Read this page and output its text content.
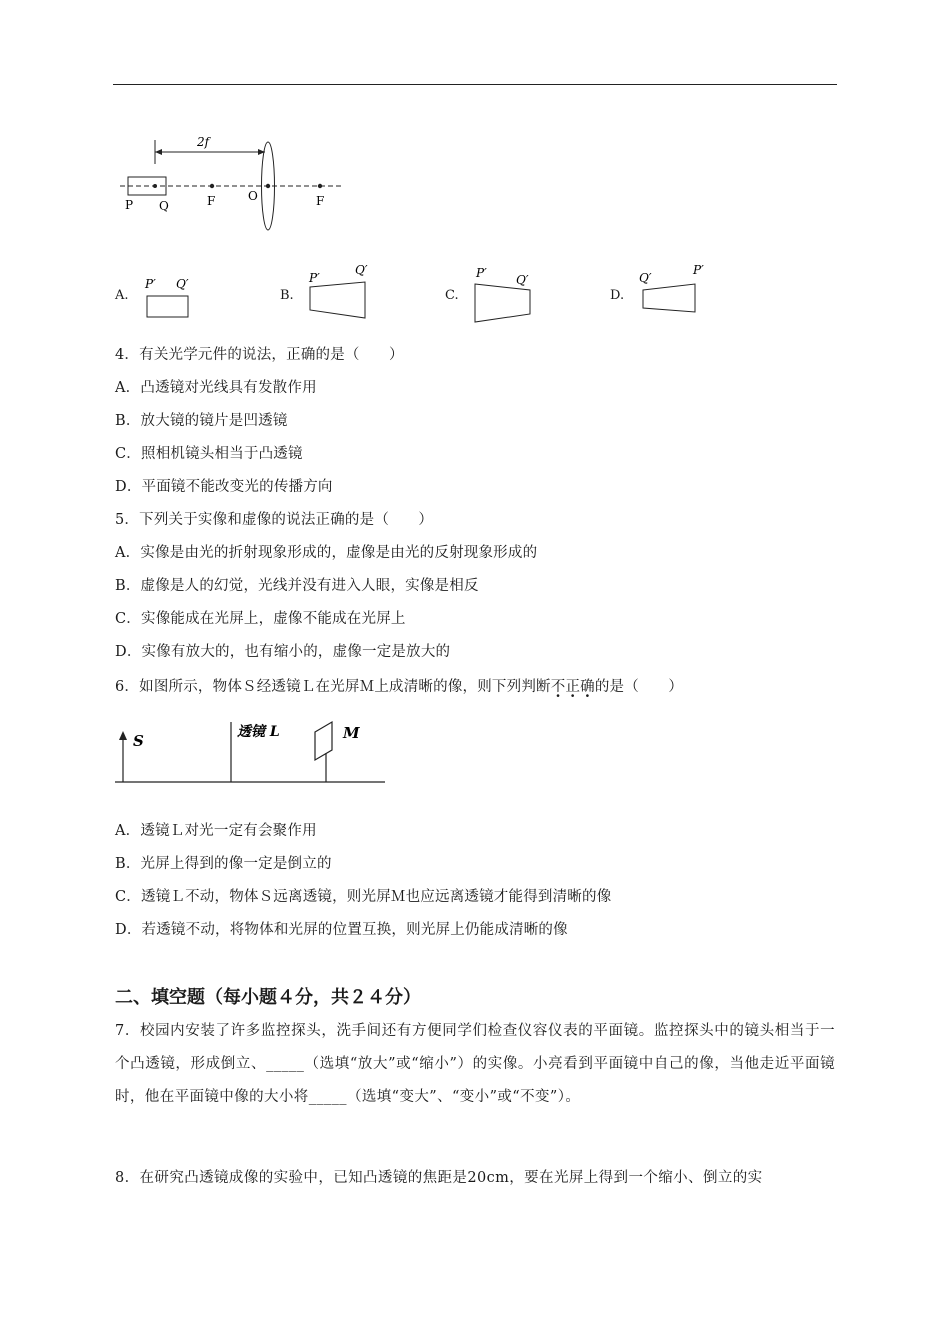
2f
P Q	F	O	F
A.
P′ Q′
B.
P′
Q′
C.
P′ Q′
D.
Q′
P′
4．有关光学元件的说法，正确的是（　　）
A．凸透镜对光线具有发散作用
B．放大镜的镜片是凹透镜
C．照相机镜头相当于凸透镜
D．平面镜不能改变光的传播方向
5．下列关于实像和虚像的说法正确的是（　　）
A．实像是由光的折射现象形成的，虚像是由光的反射现象形成的
B．虚像是人的幻觉，光线并没有进入人眼，实像是相反
C．实像能成在光屏上，虚像不能成在光屏上
D．实像有放大的，也有缩小的，虚像一定是放大的
6．如图所示，物体Ｓ经透镜Ｌ在光屏Ｍ上成清晰的像，则下列判断不正确的是（　　）
S	透镜 L	M
A．透镜Ｌ对光一定有会聚作用
B．光屏上得到的像一定是倒立的
C．透镜Ｌ不动，物体Ｓ远离透镜，则光屏Ｍ也应远离透镜才能得到清晰的像
D．若透镜不动，将物体和光屏的位置互换，则光屏上仍能成清晰的像
二、填空题（每小题４分，共２４分）
7．校园内安装了许多监控探头，洗手间还有方便同学们检查仪容仪表的平面镜。监控探头中的镜头相当于一个凸透镜，形成倒立、_____（选填“放大”或“缩小”）的实像。小亮看到平面镜中自己的像，当他走近平面镜时，他在平面镜中像的大小将_____（选填“变大”、“变小”或“不变”）。
8．在研究凸透镜成像的实验中，已知凸透镜的焦距是20cm，要在光屏上得到一个缩小、倒立的实
